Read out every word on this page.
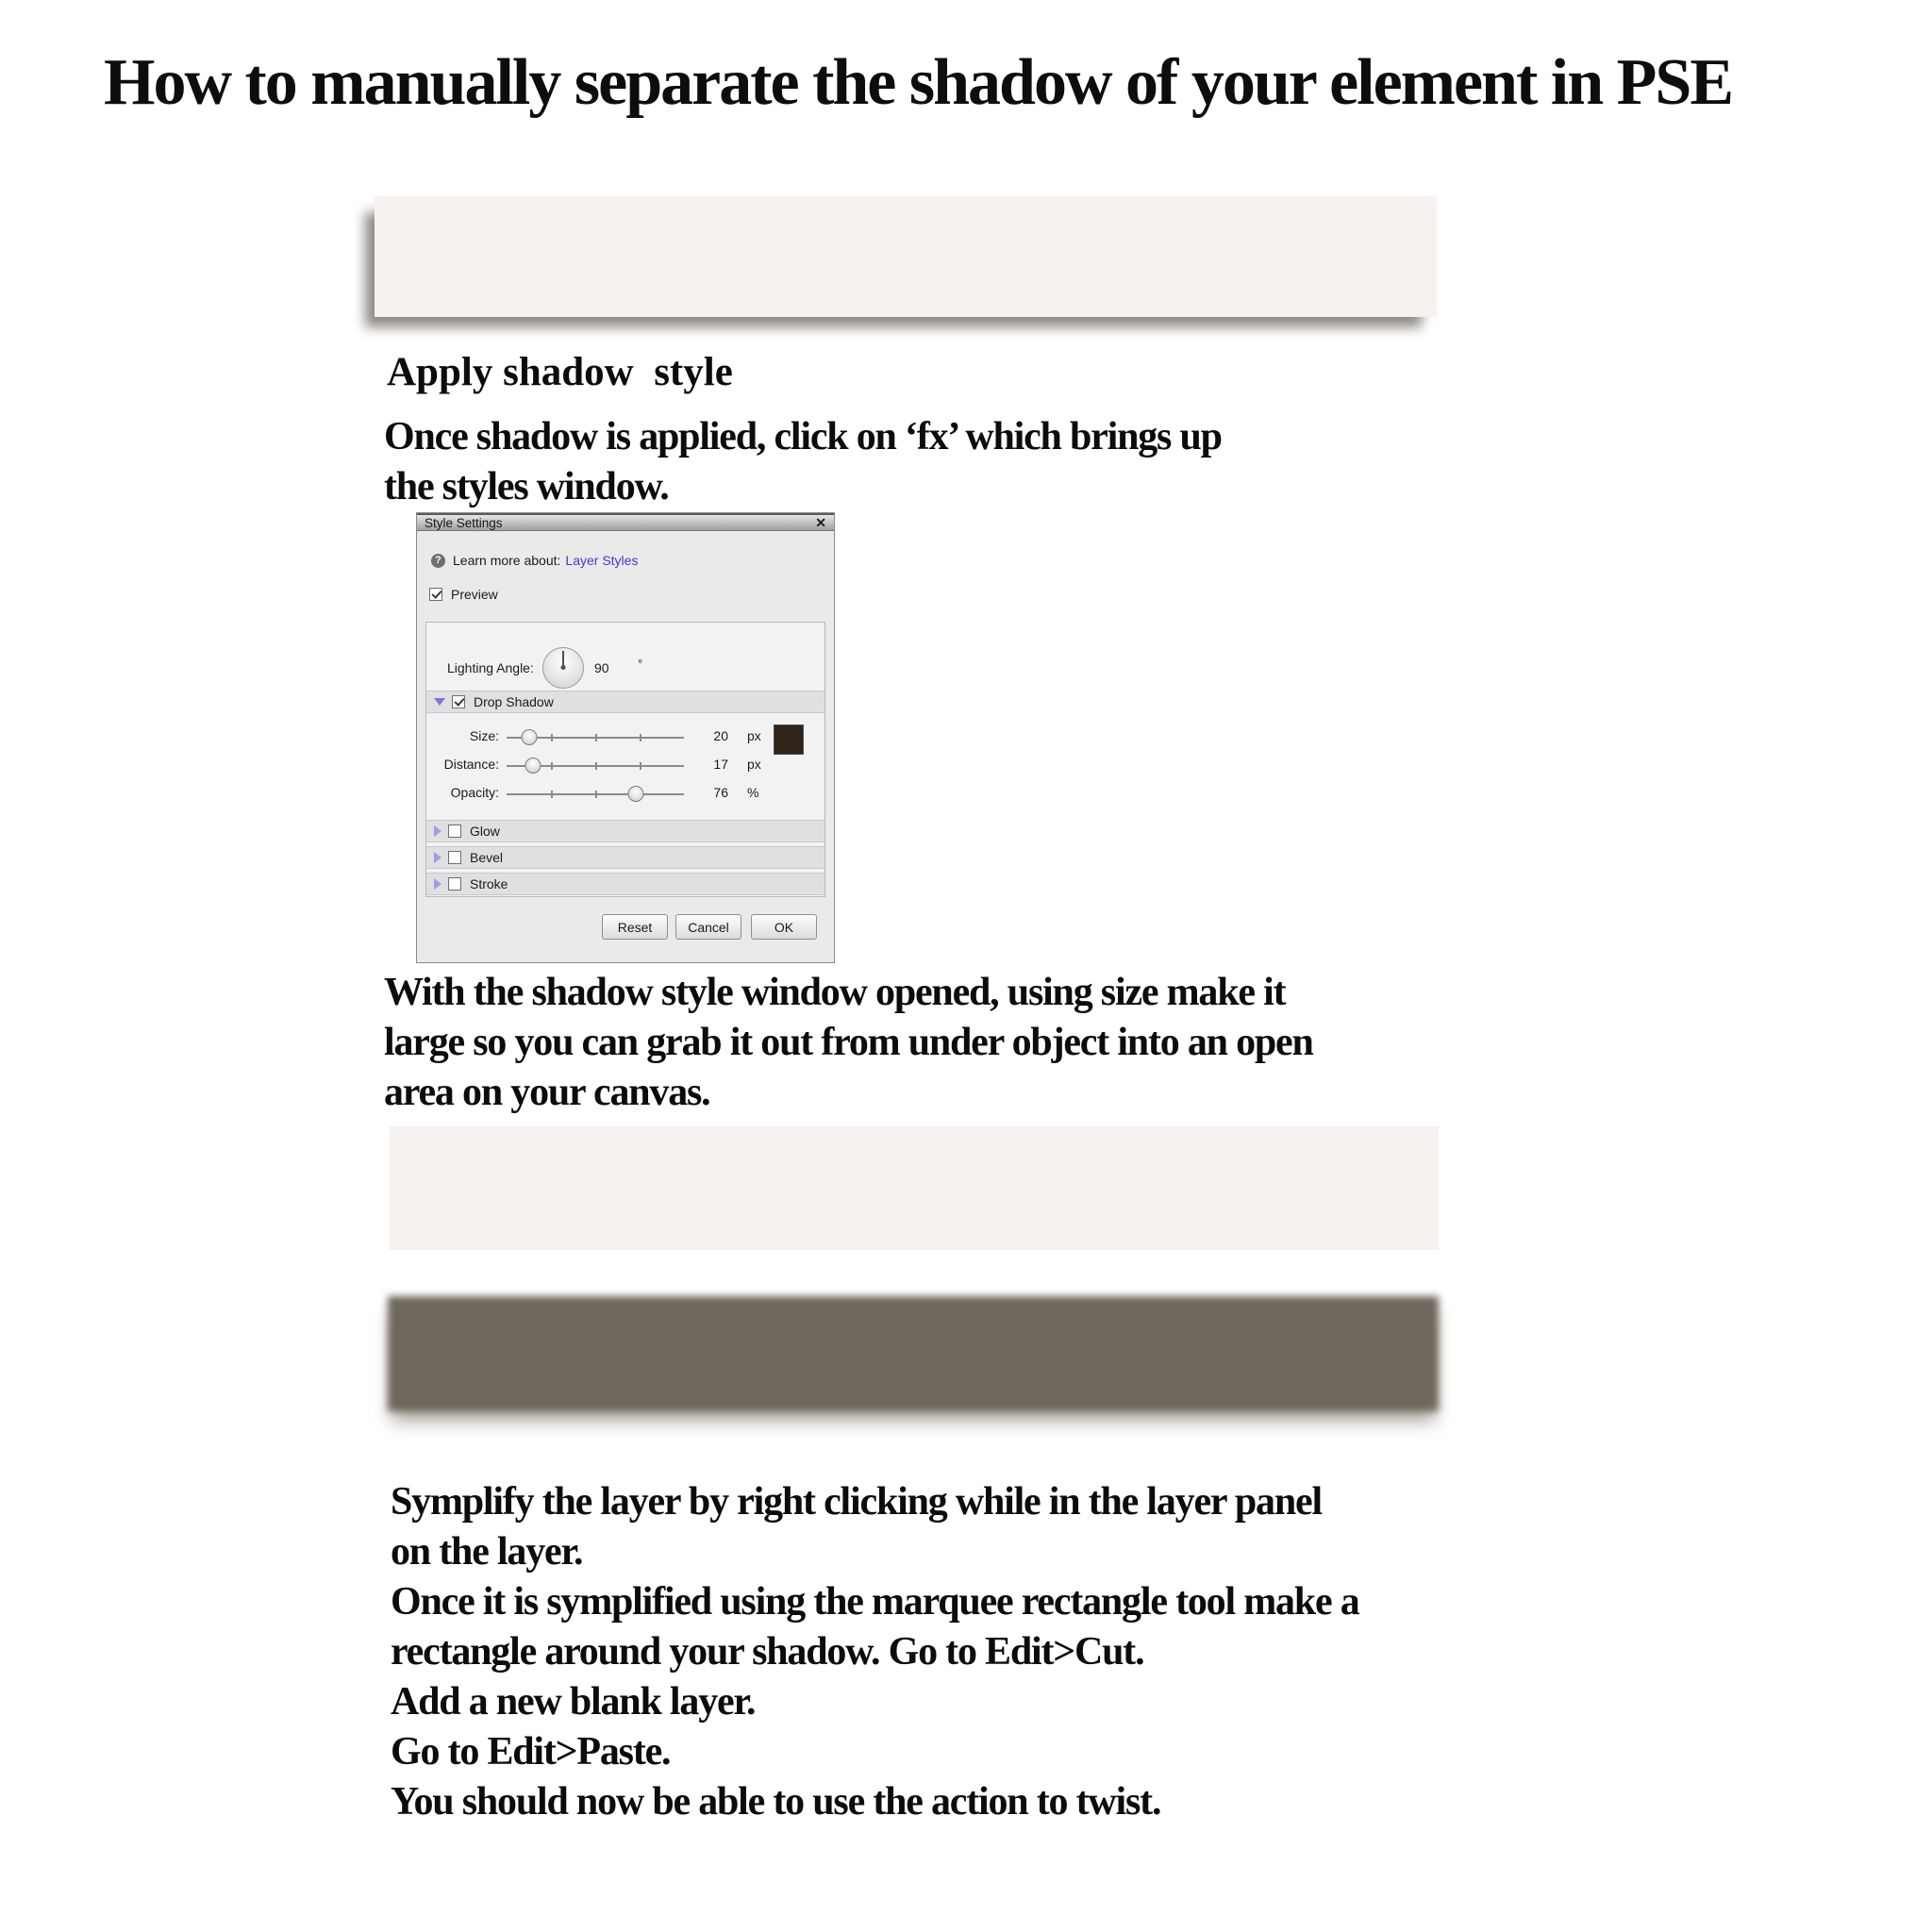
How to manually separate the shadow of your element in PSE
Apply shadow  style
Once shadow is applied, click on ‘fx’ which brings up
the styles window.
Style Settings	✕
? Learn more about: Layer Styles
Preview
Lighting Angle:	90 °
Drop Shadow
Size:	20 px
Distance:	17 px
Opacity:	76 %
Glow
Bevel
Stroke
Reset	Cancel	OK
With the shadow style window opened, using size make it
large so you can grab it out from under object into an open
area on your canvas.
Symplify the layer by right clicking while in the layer panel
on the layer.
Once it is symplified using the marquee rectangle tool make a
rectangle around your shadow. Go to Edit>Cut.
Add a new blank layer.
Go to Edit>Paste.
You should now be able to use the action to twist.
